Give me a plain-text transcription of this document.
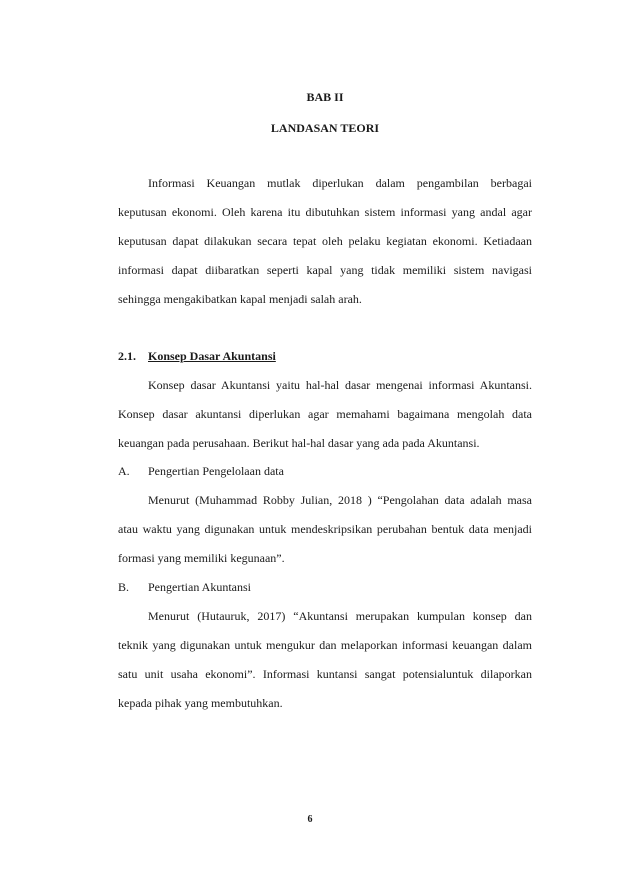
BAB II
LANDASAN TEORI
Informasi Keuangan mutlak diperlukan dalam pengambilan berbagai
keputusan ekonomi. Oleh karena itu dibutuhkan sistem informasi yang andal agar
keputusan dapat dilakukan secara tepat oleh pelaku kegiatan ekonomi. Ketiadaan
informasi dapat diibaratkan seperti kapal yang tidak memiliki sistem navigasi
sehingga mengakibatkan kapal menjadi salah arah.
2.1. Konsep Dasar Akuntansi
Konsep dasar Akuntansi yaitu hal-hal dasar mengenai informasi Akuntansi.
Konsep dasar akuntansi diperlukan agar memahami bagaimana mengolah data
keuangan pada perusahaan. Berikut hal-hal dasar yang ada pada Akuntansi.
A. Pengertian Pengelolaan data
Menurut (Muhammad Robby Julian, 2018 ) “Pengolahan data adalah masa
atau waktu yang digunakan untuk mendeskripsikan perubahan bentuk data menjadi
formasi yang memiliki kegunaan”.
B. Pengertian Akuntansi
Menurut (Hutauruk, 2017) “Akuntansi merupakan kumpulan konsep dan
teknik yang digunakan untuk mengukur dan melaporkan informasi keuangan dalam
satu unit usaha ekonomi”. Informasi kuntansi sangat potensialuntuk dilaporkan
kepada pihak yang membutuhkan.
6
